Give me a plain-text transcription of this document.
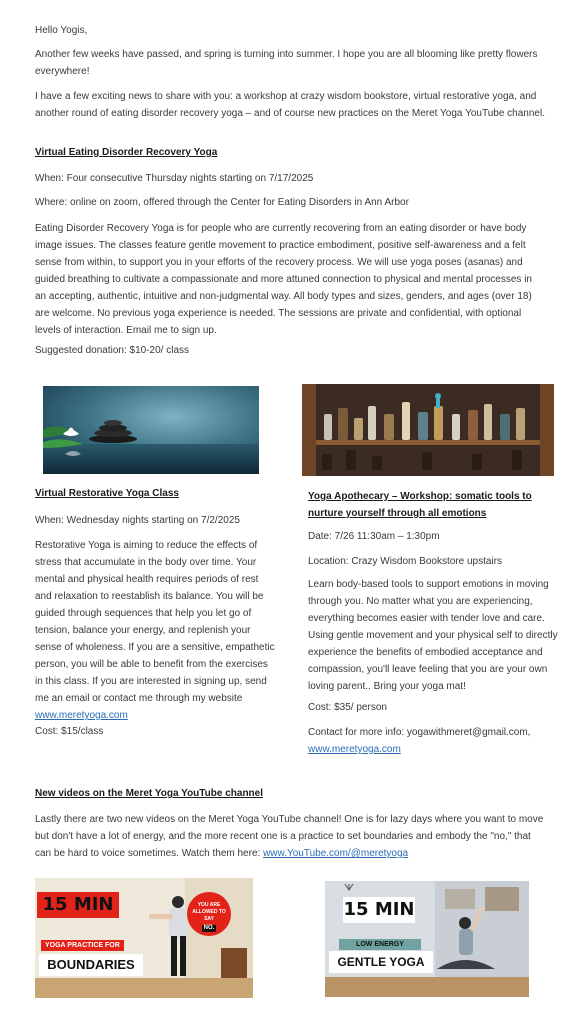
Hello Yogis,

Another few weeks have passed, and spring is turning into summer. I hope you are all blooming like pretty flowers everywhere!

I have a few exciting news to share with you: a workshop at crazy wisdom bookstore, virtual restorative yoga, and another round of eating disorder recovery yoga – and of course new practices on the Meret Yoga YouTube channel.

Virtual Eating Disorder Recovery Yoga

When: Four consecutive Thursday nights starting on 7/17/2025

Where: online on zoom, offered through the Center for Eating Disorders in Ann Arbor

Eating Disorder Recovery Yoga is for people who are currently recovering from an eating disorder or have body image issues. The classes feature gentle movement to practice embodiment, positive self-awareness and a felt sense from within, to support you in your efforts of the recovery process. We will use yoga poses (asanas) and guided breathing to cultivate a compassionate and more attuned connection to physical and mental processes in an accepting, authentic, intuitive and non-judgmental way. All body types and sizes, genders, and ages (over 18) are welcome. No previous yoga experience is needed. The sessions are private and confidential, with optional levels of interaction. Email me to sign up.

Suggested donation: $10-20/ class

Virtual Restorative Yoga Class

When: Wednesday nights starting on 7/2/2025

Restorative Yoga is aiming to reduce the effects of stress that accumulate in the body over time. Your mental and physical health requires periods of rest and relaxation to reestablish its balance. You will be guided through sequences that help you let go of tension, balance your energy, and replenish your sense of wholeness. If you are a sensitive, empathetic person, you will be able to benefit from the exercises in this class. If you are interested in signing up, send me an email or contact me through my website www.meretyoga.com

Cost: $15/class

Yoga Apothecary – Workshop: somatic tools to nurture yourself through all emotions

Date: 7/26 11:30am – 1:30pm

Location: Crazy Wisdom Bookstore upstairs

Learn body-based tools to support emotions in moving through you. No matter what you are experiencing, everything becomes easier with tender love and care. Using gentle movement and your physical self to directly experience the benefits of embodied acceptance and compassion, you'll leave feeling that you are your own loving parent.. Bring your yoga mat!

Cost: $35/ person

Contact for more info: yogawithmeret@gmail.com,
www.meretyoga.com

New videos on the Meret Yoga YouTube channel

Lastly there are two new videos on the Meret Yoga YouTube channel! One is for lazy days where you want to move but don't have a lot of energy, and the more recent one is a practice to set boundaries and embody the "no," that can be hard to voice sometimes. Watch them here: www.YouTube.com/@meretyoga

15 MIN
YOGA PRACTICE FOR
BOUNDARIES
YOU ARE ALLOWED TO SAY
NO.
15 MIN
LOW ENERGY
GENTLE YOGA
